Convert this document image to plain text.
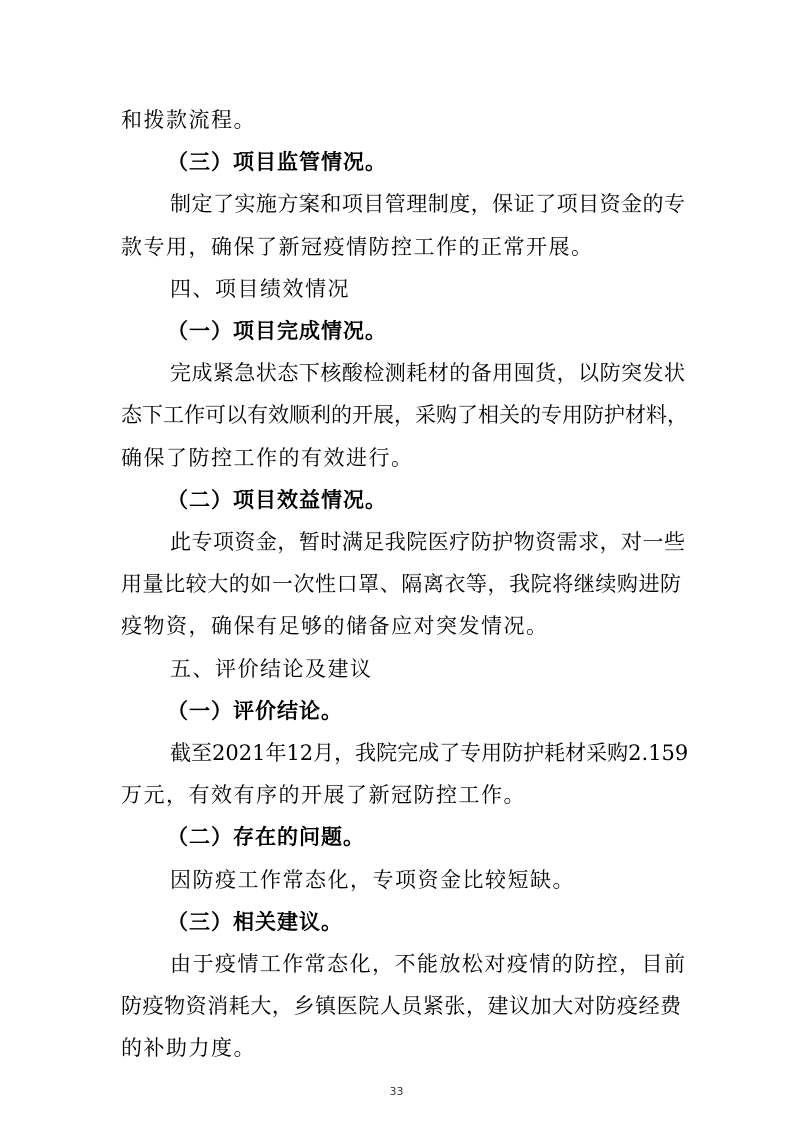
和拨款流程。
（三）项目监管情况。
制定了实施方案和项目管理制度，保证了项目资金的专
款专用，确保了新冠疫情防控工作的正常开展。
四、项目绩效情况
（一）项目完成情况。
完成紧急状态下核酸检测耗材的备用囤货，以防突发状
态下工作可以有效顺利的开展，采购了相关的专用防护材料，
确保了防控工作的有效进行。
（二）项目效益情况。
此专项资金，暂时满足我院医疗防护物资需求，对一些
用量比较大的如一次性口罩、隔离衣等，我院将继续购进防
疫物资，确保有足够的储备应对突发情况。
五、评价结论及建议
（一）评价结论。
截至2021年12月，我院完成了专用防护耗材采购2.159
万元，有效有序的开展了新冠防控工作。
（二）存在的问题。
因防疫工作常态化，专项资金比较短缺。
（三）相关建议。
由于疫情工作常态化，不能放松对疫情的防控，目前
33
防疫物资消耗大，乡镇医院人员紧张，建议加大对防疫经费
的补助力度。
